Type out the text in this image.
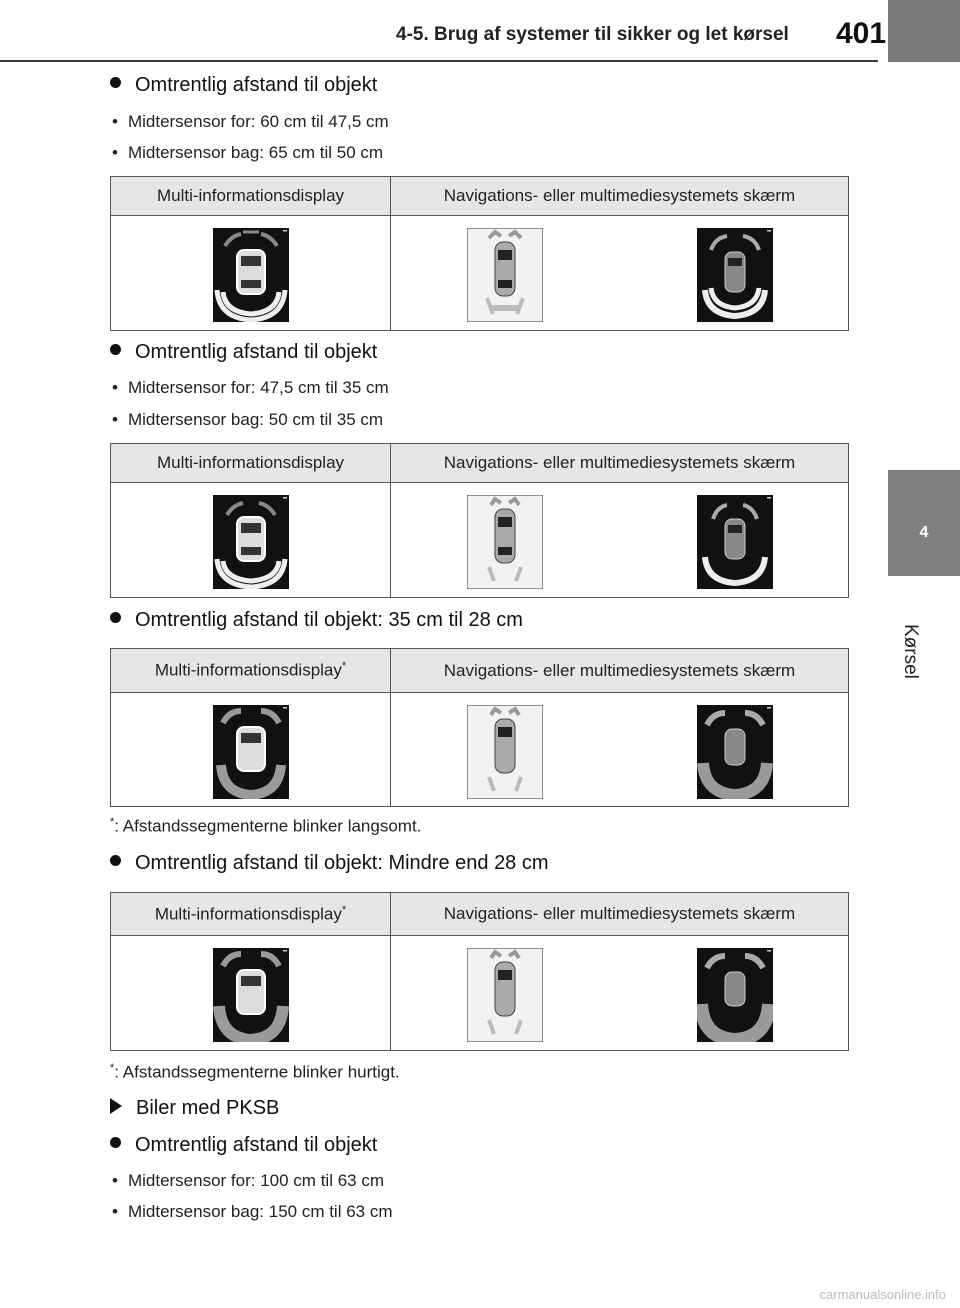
4-5. Brug af systemer til sikker og let kørsel 401
4
Kørsel
Omtrentlig afstand til objekt
• Midtersensor for: 60 cm til 47,5 cm
• Midtersensor bag: 65 cm til 50 cm
Multi-informationsdisplay	Navigations- eller multimediesystemets skærm

Omtrentlig afstand til objekt
• Midtersensor for: 47,5 cm til 35 cm
• Midtersensor bag: 50 cm til 35 cm
Multi-informationsdisplay	Navigations- eller multimediesystemets skærm

Omtrentlig afstand til objekt: 35 cm til 28 cm
Multi-informationsdisplay*	Navigations- eller multimediesystemets skærm

*: Afstandssegmenterne blinker langsomt.
Omtrentlig afstand til objekt: Mindre end 28 cm
Multi-informationsdisplay*	Navigations- eller multimediesystemets skærm

*: Afstandssegmenterne blinker hurtigt.
Biler med PKSB
Omtrentlig afstand til objekt
• Midtersensor for: 100 cm til 63 cm
• Midtersensor bag: 150 cm til 63 cm
carmanualsonline.info
